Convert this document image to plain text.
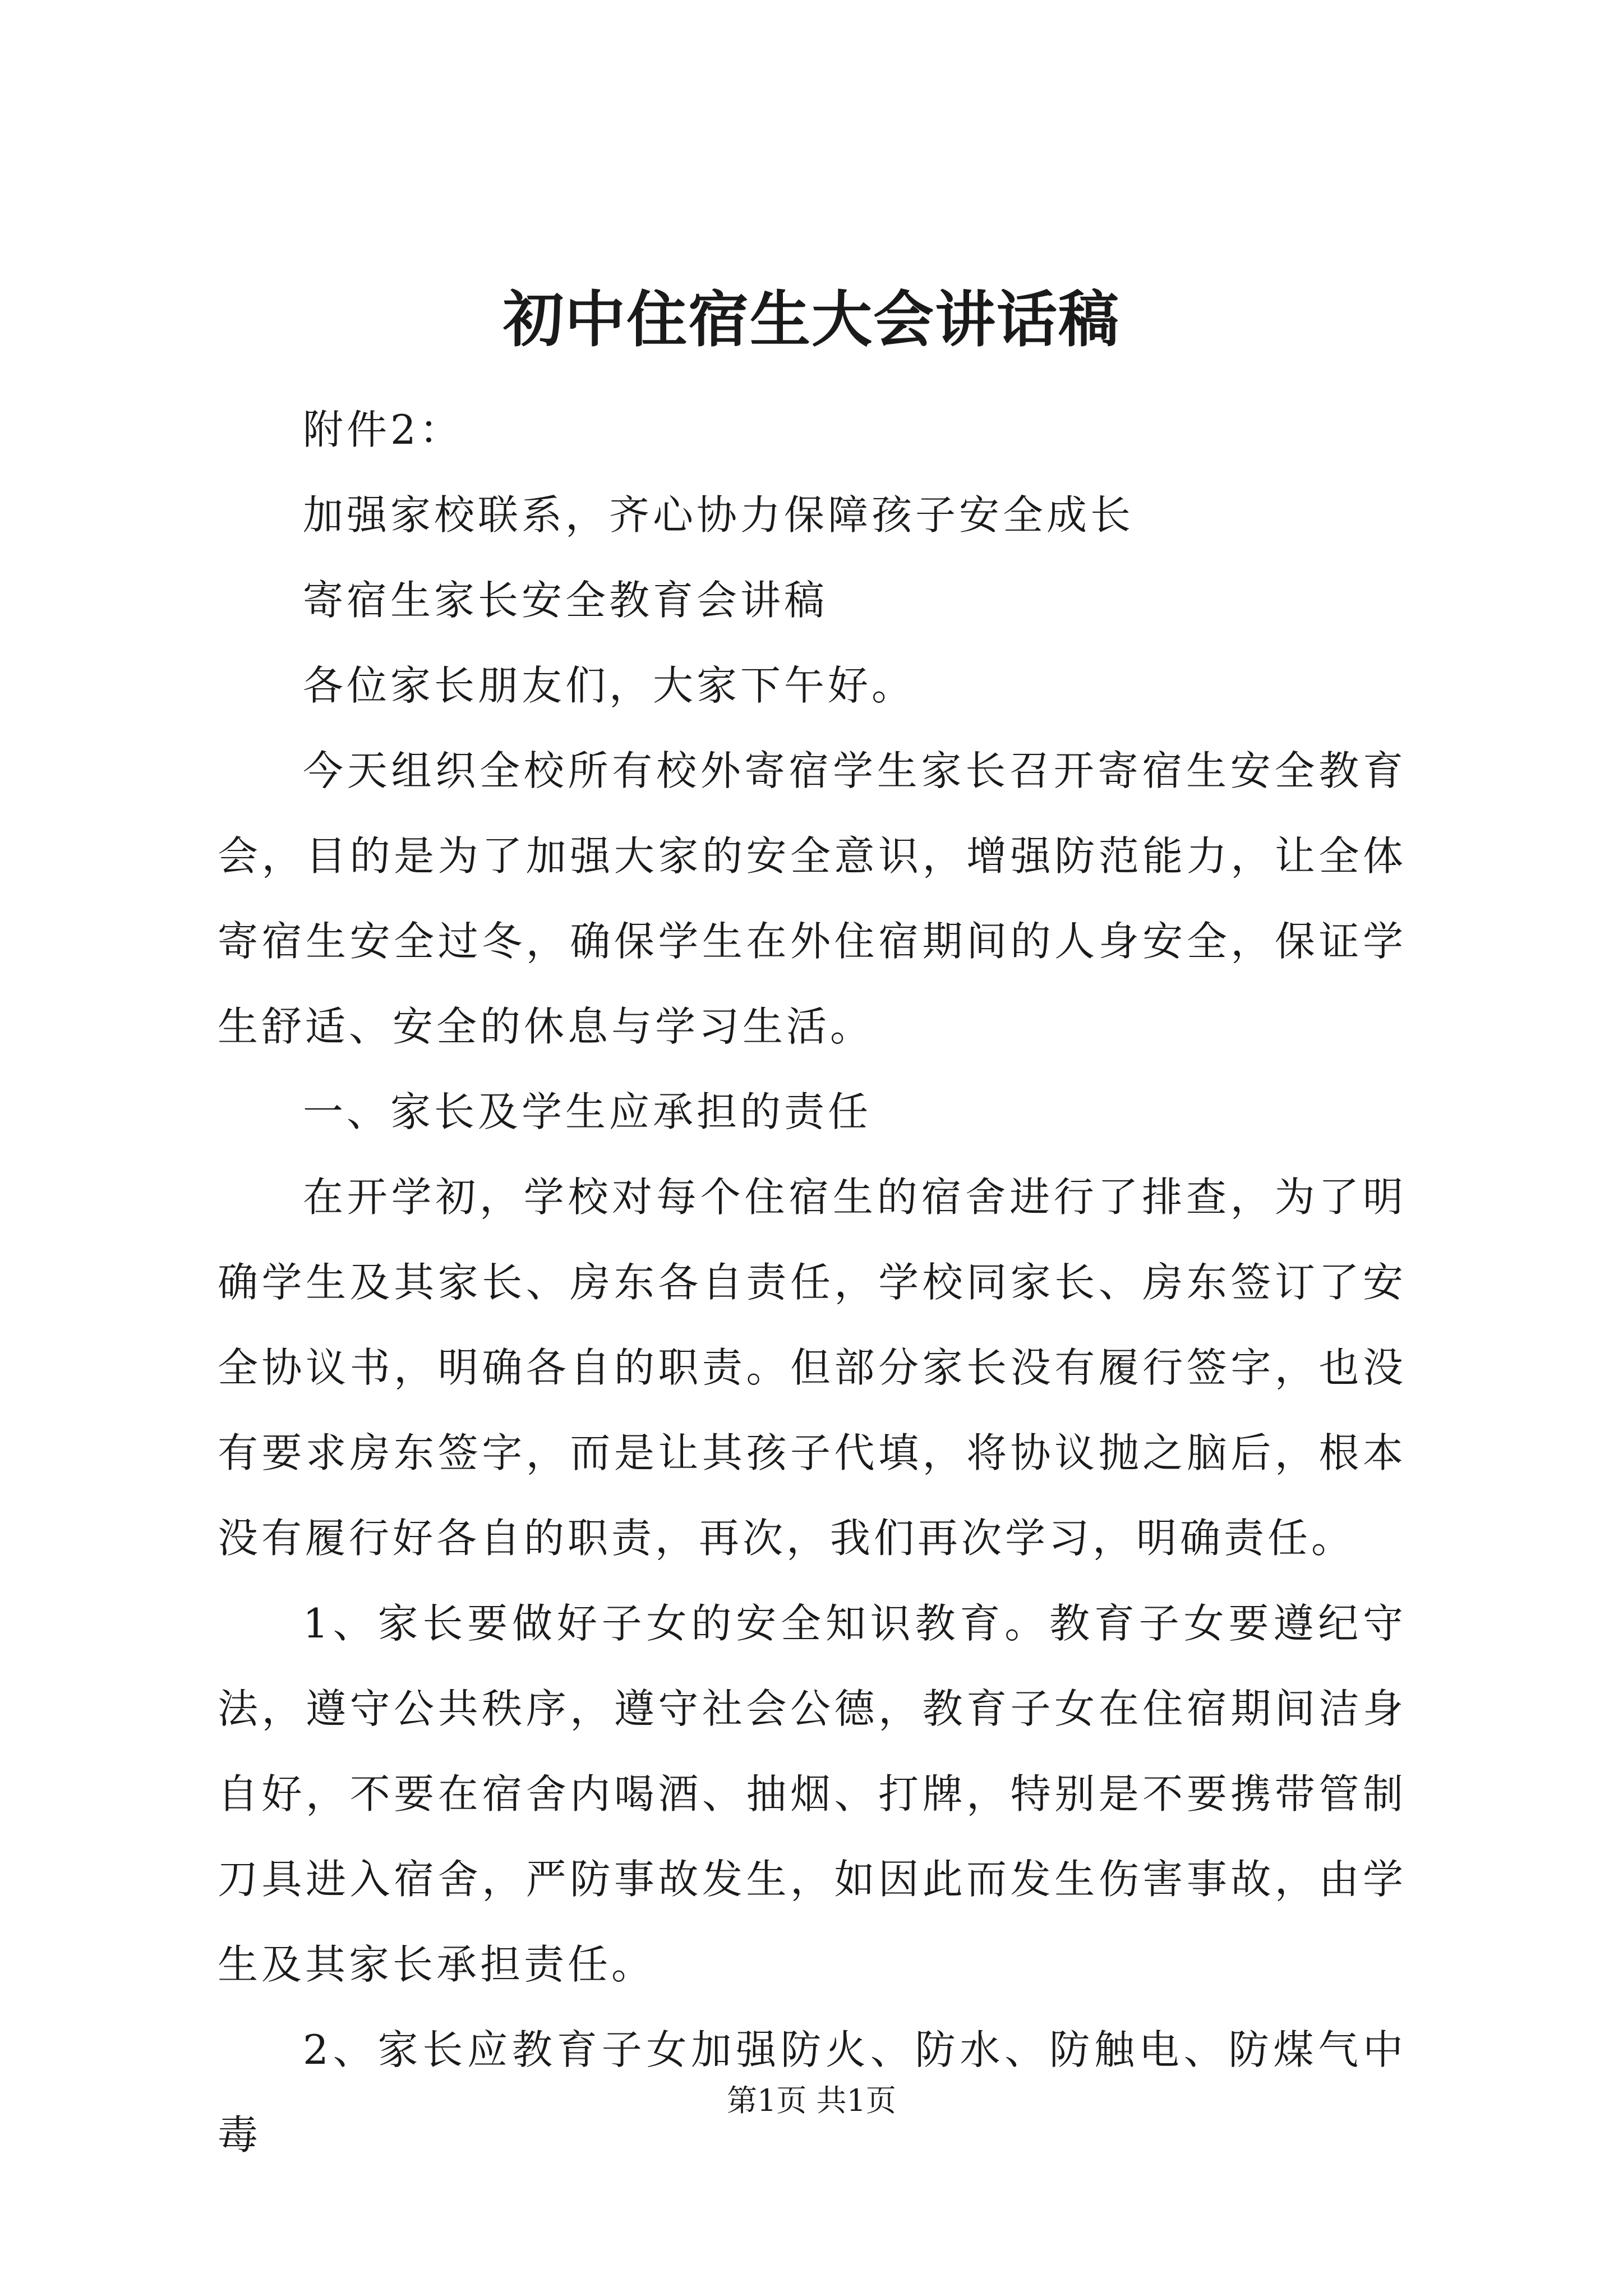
初中住宿生大会讲话稿

附件2：

加强家校联系，齐心协力保障孩子安全成长

寄宿生家长安全教育会讲稿

各位家长朋友们，大家下午好。

今天组织全校所有校外寄宿学生家长召开寄宿生安全教育会，目的是为了加强大家的安全意识，增强防范能力，让全体寄宿生安全过冬，确保学生在外住宿期间的人身安全，保证学生舒适、安全的休息与学习生活。

一、家长及学生应承担的责任

在开学初，学校对每个住宿生的宿舍进行了排查，为了明确学生及其家长、房东各自责任，学校同家长、房东签订了安全协议书，明确各自的职责。但部分家长没有履行签字，也没有要求房东签字，而是让其孩子代填，将协议抛之脑后，根本没有履行好各自的职责，再次，我们再次学习，明确责任。

1、家长要做好子女的安全知识教育。教育子女要遵纪守法，遵守公共秩序，遵守社会公德，教育子女在住宿期间洁身自好，不要在宿舍内喝酒、抽烟、打牌，特别是不要携带管制刀具进入宿舍，严防事故发生，如因此而发生伤害事故，由学生及其家长承担责任。

2、家长应教育子女加强防火、防水、防触电、防煤气中毒

第1页 共1页
